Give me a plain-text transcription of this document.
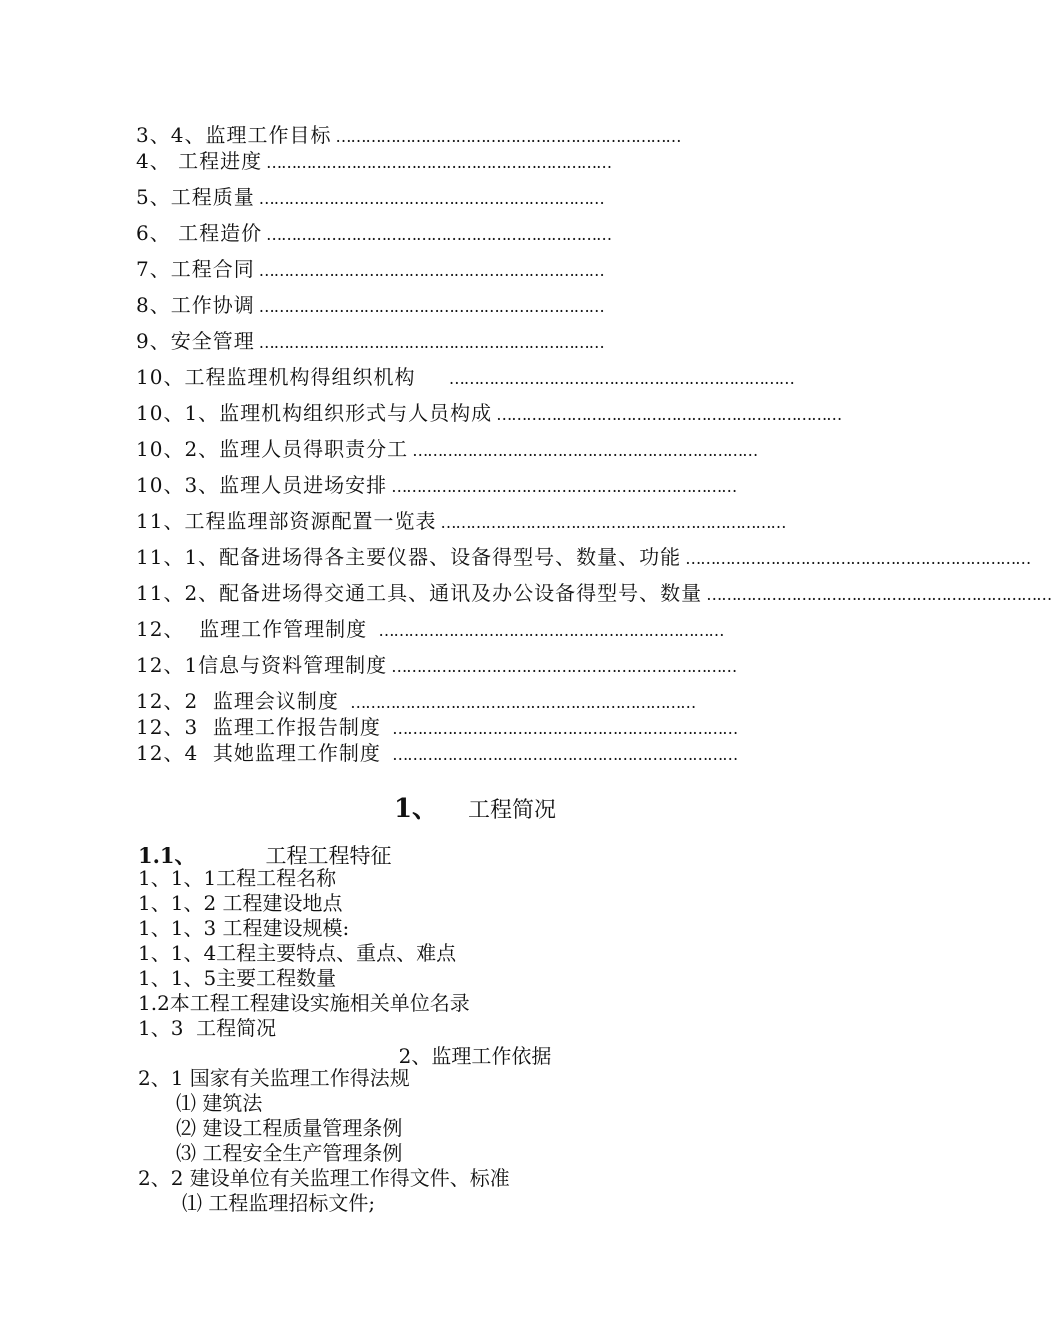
3、4、监理工作目标 ……………………………………………………………
4、 工程进度 ……………………………………………………………
5、工程质量 ……………………………………………………………
6、 工程造价 ……………………………………………………………
7、工程合同 ……………………………………………………………
8、工作协调 ……………………………………………………………
9、安全管理 ……………………………………………………………
10、工程监理机构得组织机构 ……………………………………………………………
10、1、监理机构组织形式与人员构成 ……………………………………………………………
10、2、监理人员得职责分工 ……………………………………………………………
10、3、监理人员进场安排 ……………………………………………………………
11、工程监理部资源配置一览表 ……………………………………………………………
11、1、配备进场得各主要仪器、设备得型号、数量、功能 ……………………………………………………………
11、2、配备进场得交通工具、通讯及办公设备得型号、数量 ……………………………………………………………
12、  监理工作管理制度 ……………………………………………………………
12、1信息与资料管理制度 ……………………………………………………………
12、2  监理会议制度 ……………………………………………………………
12、3  监理工作报告制度 ……………………………………………………………
12、4  其她监理工作制度 ……………………………………………………………
1、 工程简况
1.1、	工程工程特征
1、1、1工程工程名称
1、1、2 工程建设地点
1、1、3 工程建设规模:
1、1、4工程主要特点、重点、难点
1、1、5主要工程数量
1.2本工程工程建设实施相关单位名录
1、3  工程简况
2、监理工作依据
2、1 国家有关监理工作得法规
⑴ 建筑法
⑵ 建设工程质量管理条例
⑶ 工程安全生产管理条例
2、2 建设单位有关监理工作得文件、标准
⑴ 工程监理招标文件;
